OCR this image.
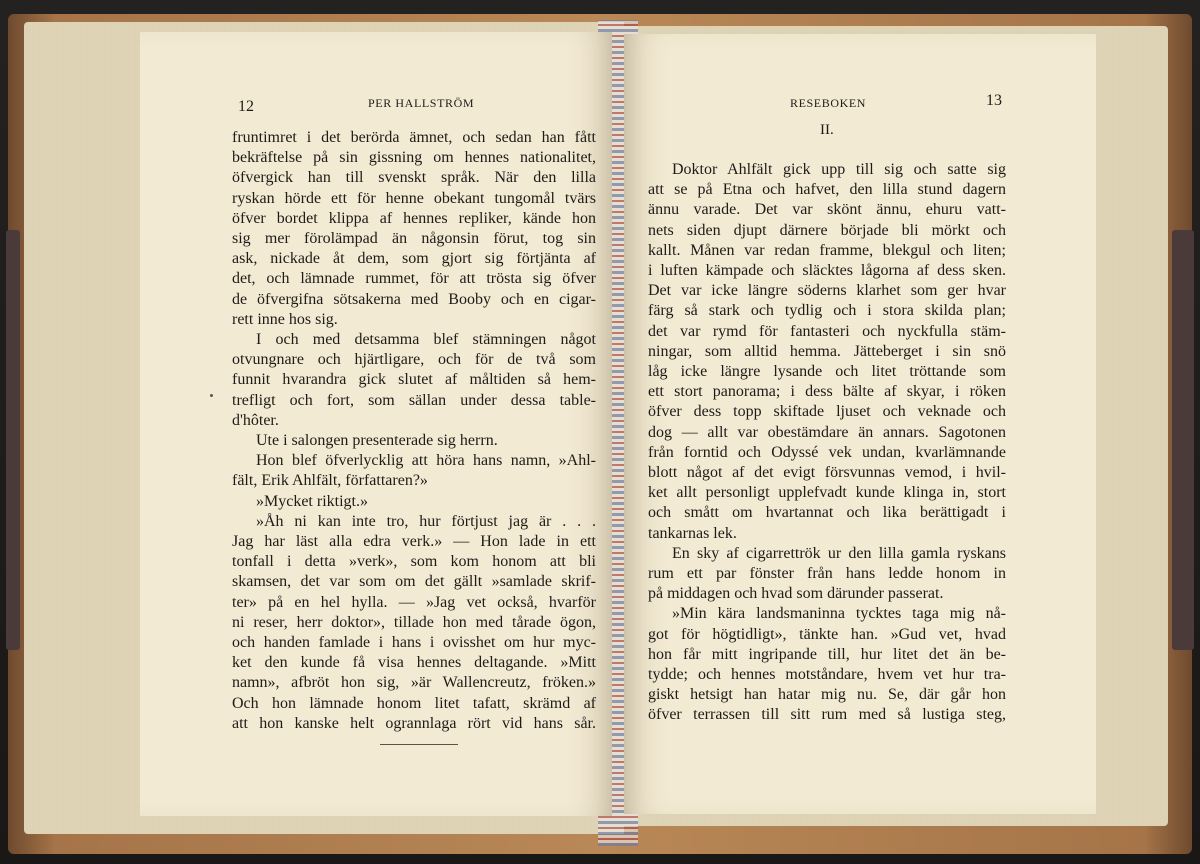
12	PER HALLSTRÖM
fruntimret i det berörda ämnet, och sedan han fått
bekräftelse på sin gissning om hennes nationalitet,
öfvergick han till svenskt språk. När den lilla
ryskan hörde ett för henne obekant tungomål tvärs
öfver bordet klippa af hennes repliker, kände hon
sig mer förolämpad än någonsin förut, tog sin
ask, nickade åt dem, som gjort sig förtjänta af
det, och lämnade rummet, för att trösta sig öfver
de öfvergifna sötsakerna med Booby och en cigar-
rett inne hos sig.
I och med detsamma blef stämningen något
otvungnare och hjärtligare, och för de två som
funnit hvarandra gick slutet af måltiden så hem-
trefligt och fort, som sällan under dessa table-
d'hôter.
Ute i salongen presenterade sig herrn.
Hon blef öfverlycklig att höra hans namn, »Ahl-
fält, Erik Ahlfält, författaren?»
»Mycket riktigt.»
»Åh ni kan inte tro, hur förtjust jag är . . .
Jag har läst alla edra verk.» — Hon lade in ett
tonfall i detta »verk», som kom honom att bli
skamsen, det var som om det gällt »samlade skrif-
ter» på en hel hylla. — »Jag vet också, hvarför
ni reser, herr doktor», tillade hon med tårade ögon,
och handen famlade i hans i ovisshet om hur myc-
ket den kunde få visa hennes deltagande. »Mitt
namn», afbröt hon sig, »är Wallencreutz, fröken.»
Och hon lämnade honom litet tafatt, skrämd af
att hon kanske helt ogrannlaga rört vid hans sår.
RESEBOKEN	13
II.
Doktor Ahlfält gick upp till sig och satte sig
att se på Etna och hafvet, den lilla stund dagern
ännu varade. Det var skönt ännu, ehuru vatt-
nets siden djupt därnere började bli mörkt och
kallt. Månen var redan framme, blekgul och liten;
i luften kämpade och släcktes lågorna af dess sken.
Det var icke längre söderns klarhet som ger hvar
färg så stark och tydlig och i stora skilda plan;
det var rymd för fantasteri och nyckfulla stäm-
ningar, som alltid hemma. Jätteberget i sin snö
låg icke längre lysande och litet tröttande som
ett stort panorama; i dess bälte af skyar, i röken
öfver dess topp skiftade ljuset och veknade och
dog — allt var obestämdare än annars. Sagotonen
från forntid och Odyssé vek undan, kvarlämnande
blott något af det evigt försvunnas vemod, i hvil-
ket allt personligt upplefvadt kunde klinga in, stort
och smått om hvartannat och lika berättigadt i
tankarnas lek.
En sky af cigarrettrök ur den lilla gamla ryskans
rum ett par fönster från hans ledde honom in
på middagen och hvad som därunder passerat.
»Min kära landsmaninna tycktes taga mig nå-
got för högtidligt», tänkte han. »Gud vet, hvad
hon får mitt ingripande till, hur litet det än be-
tydde; och hennes motståndare, hvem vet hur tra-
giskt hetsigt han hatar mig nu. Se, där går hon
öfver terrassen till sitt rum med så lustiga steg,
